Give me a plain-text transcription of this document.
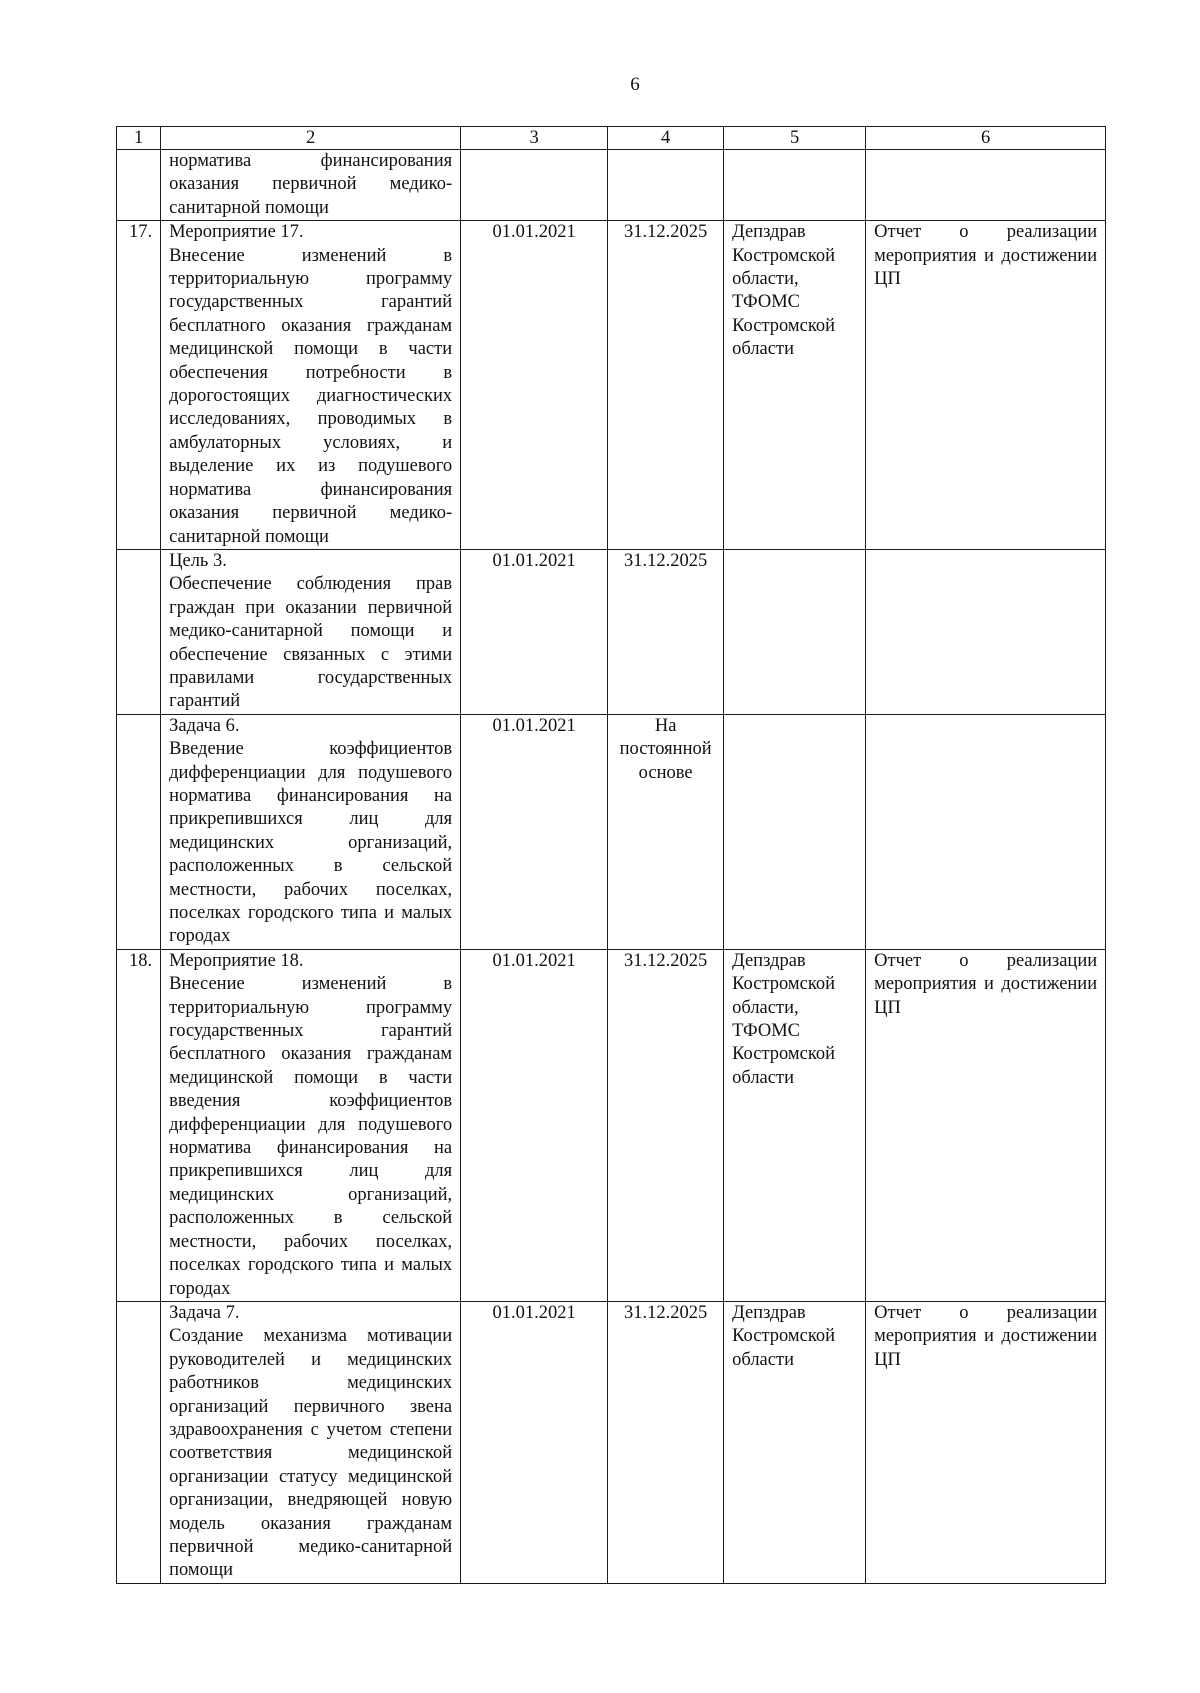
6
1	2	3	4	5	6

норматива финансирования оказания первичной медико-санитарной помощи				
17.	Мероприятие 17.
Внесение изменений в территориальную программу государственных гарантий бесплатного оказания гражданам медицинской помощи в части обеспечения потребности в дорогостоящих диагностических исследованиях, проводимых в амбулаторных условиях, и выделение их из подушевого норматива финансирования оказания первичной медико-санитарной помощи	01.01.2021	31.12.2025	Депздрав Костромской области, ТФОМС Костромской области	Отчет о реализации мероприятия и достижении ЦП

	Цель 3.
Обеспечение соблюдения прав граждан при оказании первичной медико-санитарной помощи и обеспечение связанных с этими правилами государственных гарантий	01.01.2021	31.12.2025		

	Задача 6.
Введение коэффициентов дифференциации для подушевого норматива финансирования на прикрепившихся лиц для медицинских организаций, расположенных в сельской местности, рабочих поселках, поселках городского типа и малых городах	01.01.2021	На постоянной основе		
18.	Мероприятие 18.
Внесение изменений в территориальную программу государственных гарантий бесплатного оказания гражданам медицинской помощи в части введения коэффициентов дифференциации для подушевого норматива финансирования на прикрепившихся лиц для медицинских организаций, расположенных в сельской местности, рабочих поселках, поселках городского типа и малых городах	01.01.2021	31.12.2025	Депздрав Костромской области, ТФОМС Костромской области	Отчет о реализации мероприятия и достижении ЦП

	Задача 7.
Создание механизма мотивации руководителей и медицинских работников медицинских организаций первичного звена здравоохранения с учетом степени соответствия медицинской организации статусу медицинской организации, внедряющей новую модель оказания гражданам первичной медико-санитарной помощи	01.01.2021	31.12.2025	Депздрав Костромской области	Отчет о реализации мероприятия и достижении ЦП
